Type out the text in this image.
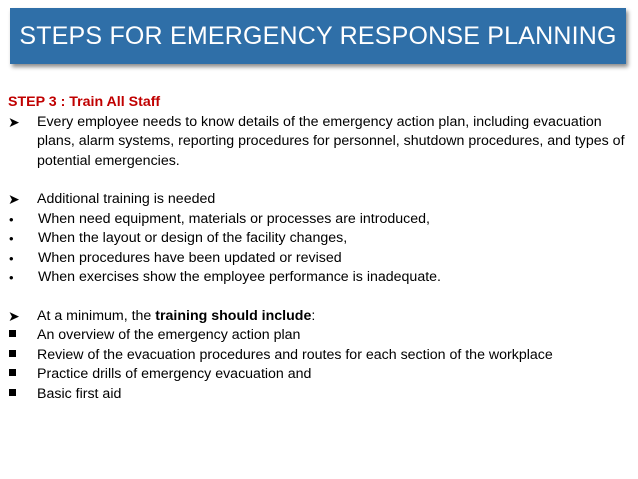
STEPS FOR EMERGENCY RESPONSE PLANNING

STEP 3 : Train All Staff

➤	Every employee needs to know details of the emergency action plan, including evacuation plans, alarm systems, reporting procedures for personnel, shutdown procedures, and types of potential emergencies.
➤	Additional training is needed
•	When need equipment, materials or processes are introduced,
•	When the layout or design of the facility changes,
•	When procedures have been updated or revised
•	When exercises show the employee performance is inadequate.
➤	At a minimum, the training should include:
An overview of the emergency action plan
Review of the evacuation procedures and routes for each section of the workplace
Practice drills of emergency evacuation and
Basic first aid
